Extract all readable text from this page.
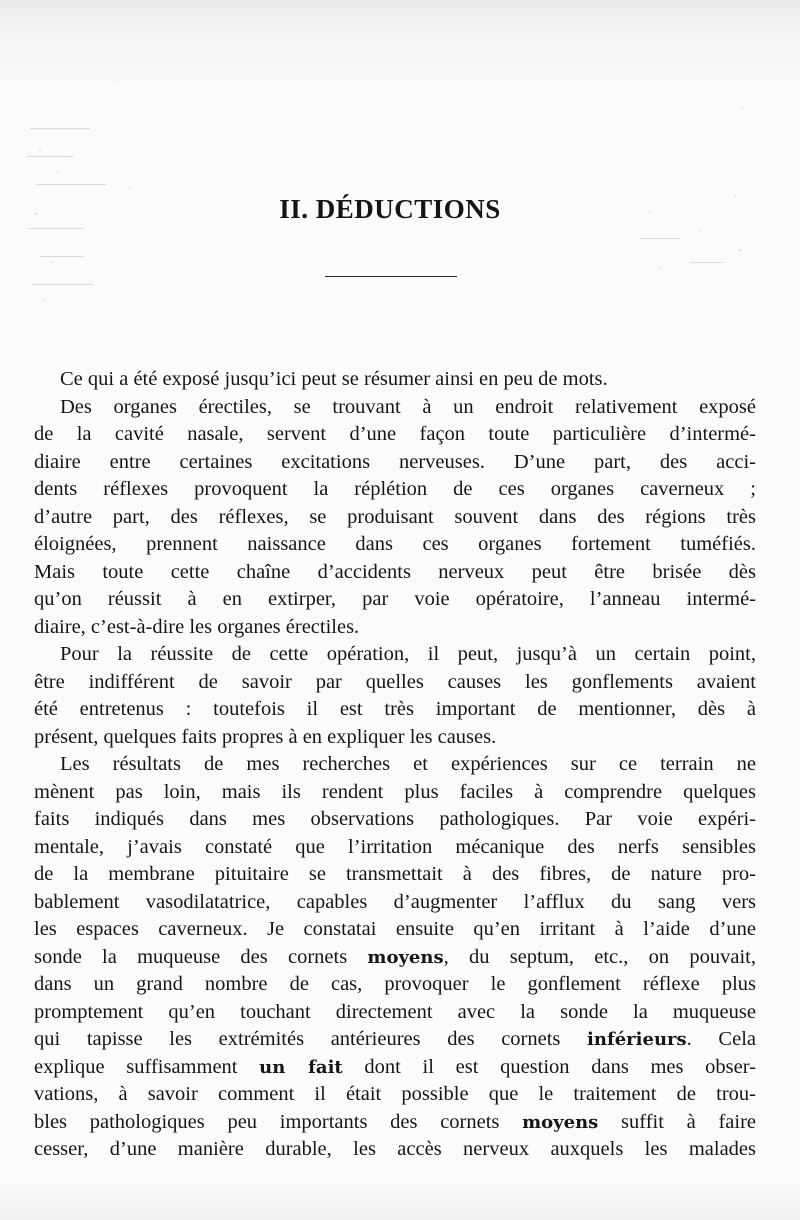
II. DÉDUCTIONS
Ce qui a été exposé jusqu’ici peut se résumer ainsi en peu de mots.
Des organes érectiles, se trouvant à un endroit relativement exposé
de la cavité nasale, servent d’une façon toute particulière d’intermé-
diaire entre certaines excitations nerveuses. D’une part, des acci-
dents réflexes provoquent la réplétion de ces organes caverneux ;
d’autre part, des réflexes, se produisant souvent dans des régions très
éloignées, prennent naissance dans ces organes fortement tuméfiés.
Mais toute cette chaîne d’accidents nerveux peut être brisée dès
qu’on réussit à en extirper, par voie opératoire, l’anneau intermé-
diaire, c’est-à-dire les organes érectiles.
Pour la réussite de cette opération, il peut, jusqu’à un certain point,
être indifférent de savoir par quelles causes les gonflements avaient
été entretenus : toutefois il est très important de mentionner, dès à
présent, quelques faits propres à en expliquer les causes.
Les résultats de mes recherches et expériences sur ce terrain ne
mènent pas loin, mais ils rendent plus faciles à comprendre quelques
faits indiqués dans mes observations pathologiques. Par voie expéri-
mentale, j’avais constaté que l’irritation mécanique des nerfs sensibles
de la membrane pituitaire se transmettait à des fibres, de nature pro-
bablement vasodilatatrice, capables d’augmenter l’afflux du sang vers
les espaces caverneux. Je constatai ensuite qu’en irritant à l’aide d’une
sonde la muqueuse des cornets moyens, du septum, etc., on pouvait,
dans un grand nombre de cas, provoquer le gonflement réflexe plus
promptement qu’en touchant directement avec la sonde la muqueuse
qui tapisse les extrémités antérieures des cornets inférieurs. Cela
explique suffisamment un fait dont il est question dans mes obser-
vations, à savoir comment il était possible que le traitement de trou-
bles pathologiques peu importants des cornets moyens suffit à faire
cesser, d’une manière durable, les accès nerveux auxquels les malades
